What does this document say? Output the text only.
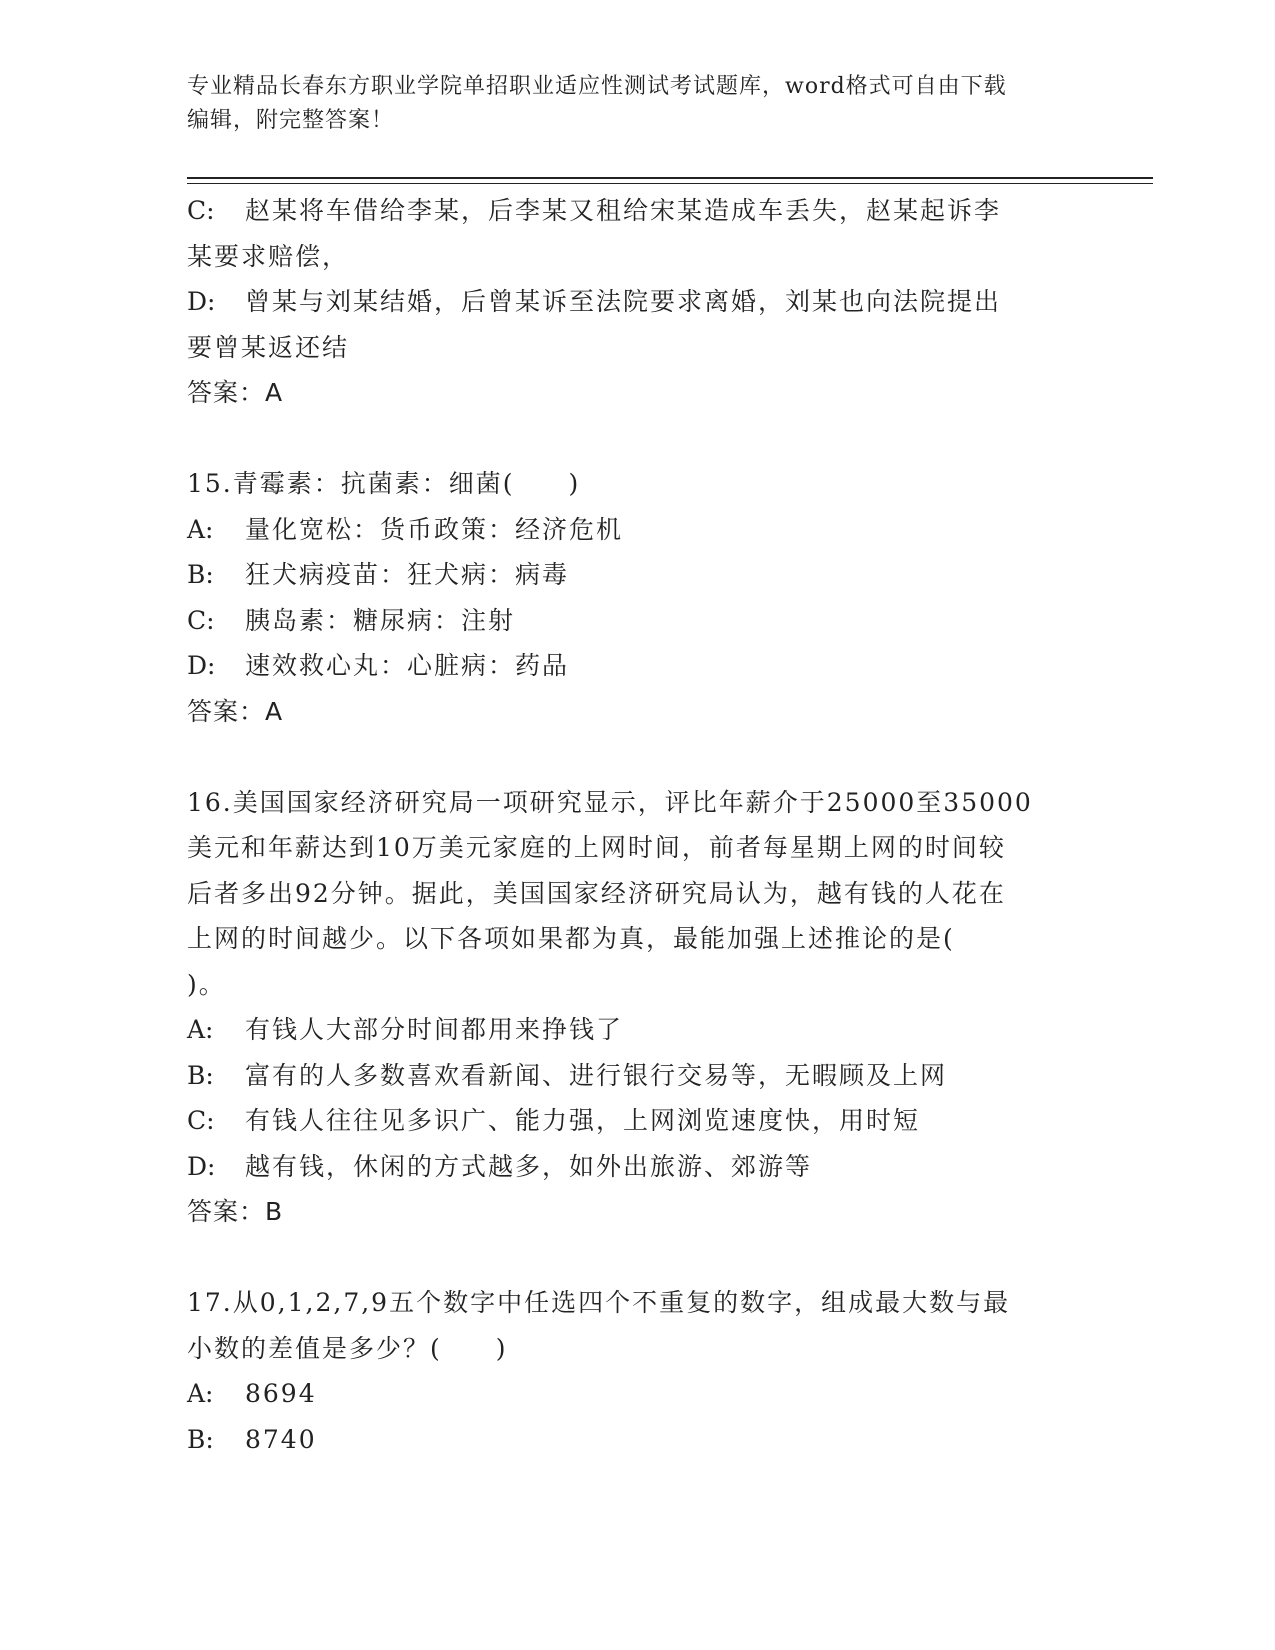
专业精品长春东方职业学院单招职业适应性测试考试题库，word格式可自由下载
编辑，附完整答案！
C:	赵某将车借给李某，后李某又租给宋某造成车丢失，赵某起诉李
某要求赔偿，
D:	曾某与刘某结婚，后曾某诉至法院要求离婚，刘某也向法院提出
要曾某返还结
答案：A
15.青霉素：抗菌素：细菌(　　)
A:	量化宽松：货币政策：经济危机
B:	狂犬病疫苗：狂犬病：病毒
C:	胰岛素：糖尿病：注射
D:	速效救心丸：心脏病：药品
答案：A
16.美国国家经济研究局一项研究显示，评比年薪介于25000至35000
美元和年薪达到10万美元家庭的上网时间，前者每星期上网的时间较
后者多出92分钟。据此，美国国家经济研究局认为，越有钱的人花在
上网的时间越少。以下各项如果都为真，最能加强上述推论的是(
)。
A:	有钱人大部分时间都用来挣钱了
B:	富有的人多数喜欢看新闻、进行银行交易等，无暇顾及上网
C:	有钱人往往见多识广、能力强，上网浏览速度快，用时短
D:	越有钱，休闲的方式越多，如外出旅游、郊游等
答案：B
17.从0,1,2,7,9五个数字中任选四个不重复的数字，组成最大数与最
小数的差值是多少？(　　)
A:	8694
B:	8740
